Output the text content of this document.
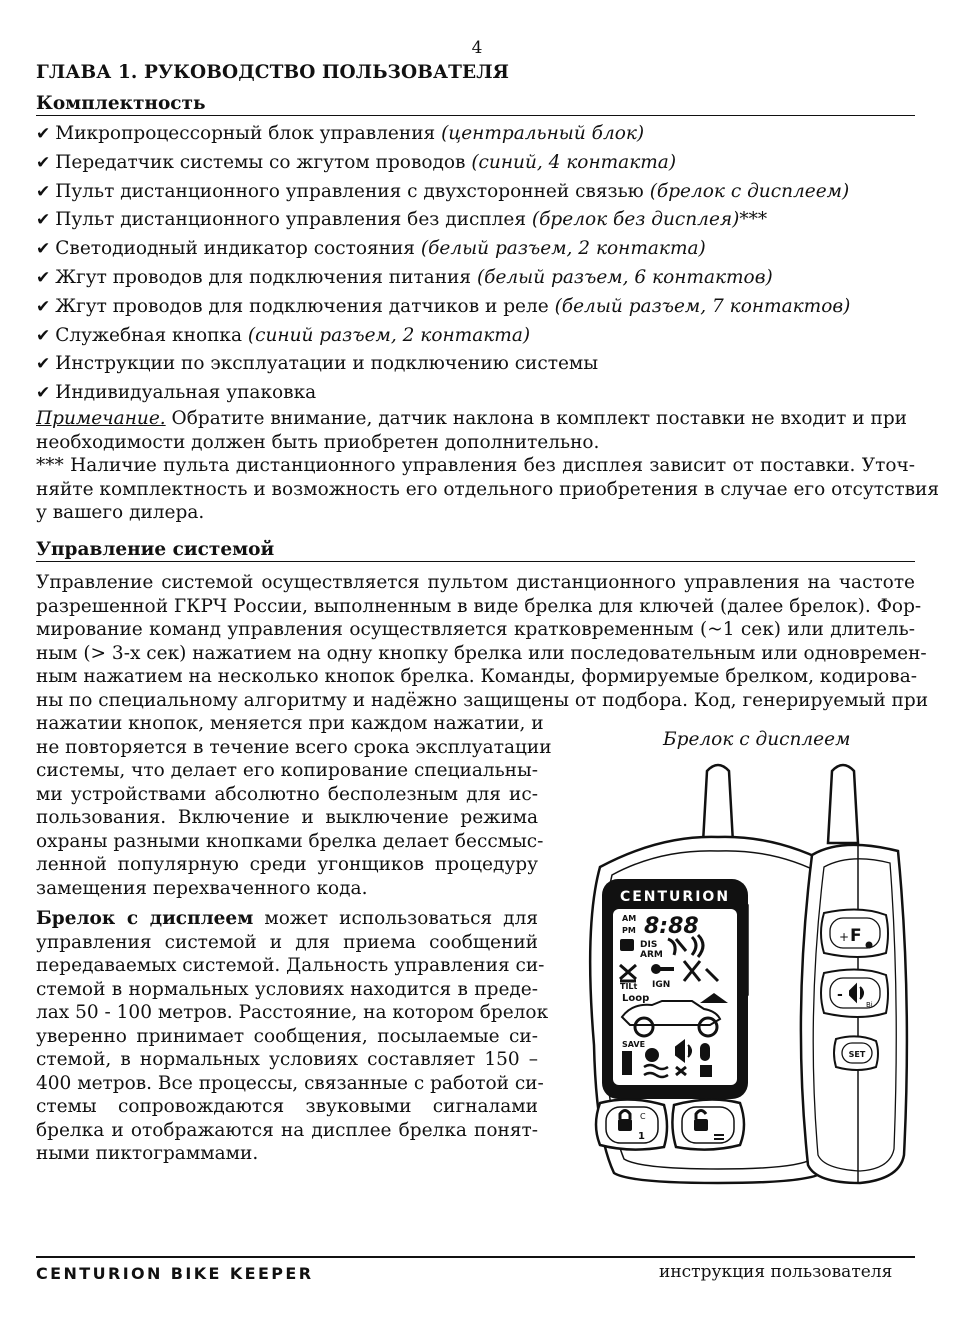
4
ГЛАВА 1. РУКОВОДСТВО ПОЛЬЗОВАТЕЛЯ
Комплектность
✔ Микропроцессорный блок управления (центральный блок)
✔ Передатчик системы со жгутом проводов (синий, 4 контакта)
✔ Пульт дистанционного управления с двухсторонней связью (брелок с дисплеем)
✔ Пульт дистанционного управления без дисплея (брелок без дисплея)***
✔ Светодиодный индикатор состояния (белый разъем, 2 контакта)
✔ Жгут проводов для подключения питания (белый разъем, 6 контактов)
✔ Жгут проводов для подключения датчиков и реле (белый разъем, 7 контактов)
✔ Служебная кнопка (синий разъем, 2 контакта)
✔ Инструкции по эксплуатации и подключению системы
✔ Индивидуальная упаковка
Примечание. Обратите внимание, датчик наклона в комплект поставки не входит и при
необходимости должен быть приобретен дополнительно.
*** Наличие пульта дистанционного управления без дисплея зависит от поставки. Уточ-
няйте комплектность и возможность его отдельного приобретения в случае его отсутствия
у вашего дилера.
Управление системой
Управление системой осуществляется пультом дистанционного управления на частоте
разрешенной ГКРЧ России, выполненным в виде брелка для ключей (далее брелок). Фор-
мирование команд управления осуществляется кратковременным (~1 сек) или длитель-
ным (> 3-х сек) нажатием на одну кнопку брелка или последовательным или одновремен-
ным нажатием на несколько кнопок брелка. Команды, формируемые брелком, кодирова-
ны по специальному алгоритму и надёжно защищены от подбора. Код, генерируемый при
нажатии кнопок, меняется при каждом нажатии, и
не повторяется в течение всего срока эксплуатации
системы, что делает его копирование специальны-
ми устройствами абсолютно бесполезным для ис-
пользования. Включение и выключение режима
охраны разными кнопками брелка делает бессмыс-
ленной популярную среди угонщиков процедуру
замещения перехваченного кода.
Брелок с дисплеем может использоваться для
управления системой и для приема сообщений
передаваемых системой. Дальность управления си-
стемой в нормальных условиях находится в преде-
лах 50 - 100 метров. Расстояние, на котором брелок
уверенно принимает сообщения, посылаемые си-
стемой, в нормальных условиях составляет 150 –
400 метров. Все процессы, связанные с работой си-
стемы сопровождаются звуковыми сигналами
брелка и отображаются на дисплее брелка понят-
ными пиктограммами.
Брелок с дисплеем
CENTURION
AM
PM 8:88
DIS
ARM
TILt IGN
Loop
SAVE
C
1
+ F
-
Bi
SET
CENTURION BIKE KEEPER	инструкция пользователя
